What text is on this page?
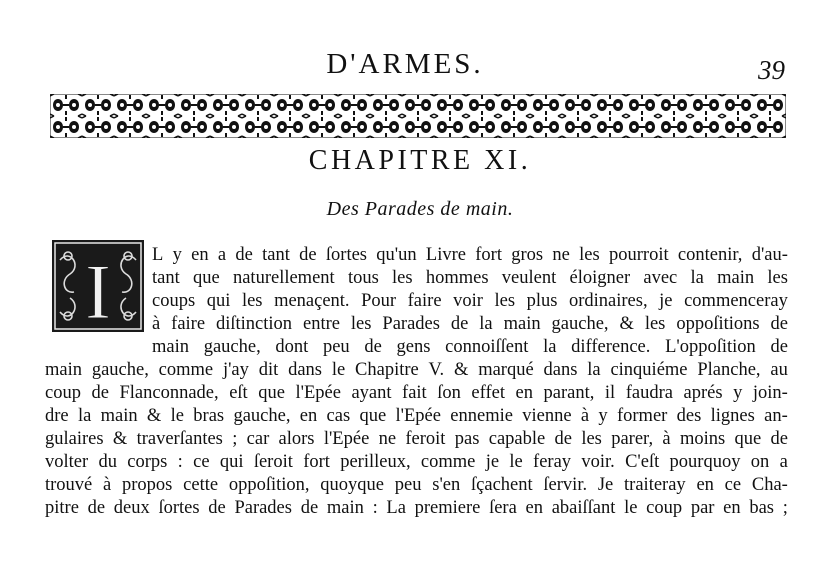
D'ARMES.	39
CHAPITRE XI.
Des Parades de main.
I L y en a de tant de ſortes qu'un Livre fort gros ne les pourroit contenir, d'au-
tant que naturellement tous les hommes veulent éloigner avec la main les
coups qui les menaçent. Pour faire voir les plus ordinaires, je commenceray
à faire diſtinction entre les Parades de la main gauche, & les oppoſitions de
main gauche, dont peu de gens connoiſſent la difference. L'oppoſition de
main gauche, comme j'ay dit dans le Chapitre V. & marqué dans la cinquiéme Planche, au
coup de Flanconnade, eſt que l'Epée ayant fait ſon effet en parant, il faudra aprés y join-
dre la main & le bras gauche, en cas que l'Epée ennemie vienne à y former des lignes an-
gulaires & traverſantes ; car alors l'Epée ne feroit pas capable de les parer, à moins que de
volter du corps : ce qui ſeroit fort perilleux, comme je le feray voir. C'eſt pourquoy on a
trouvé à propos cette oppoſition, quoyque peu s'en ſçachent ſervir. Je traiteray en ce Cha-
pitre de deux ſortes de Parades de main : La premiere ſera en abaiſſant le coup par en bas ;
